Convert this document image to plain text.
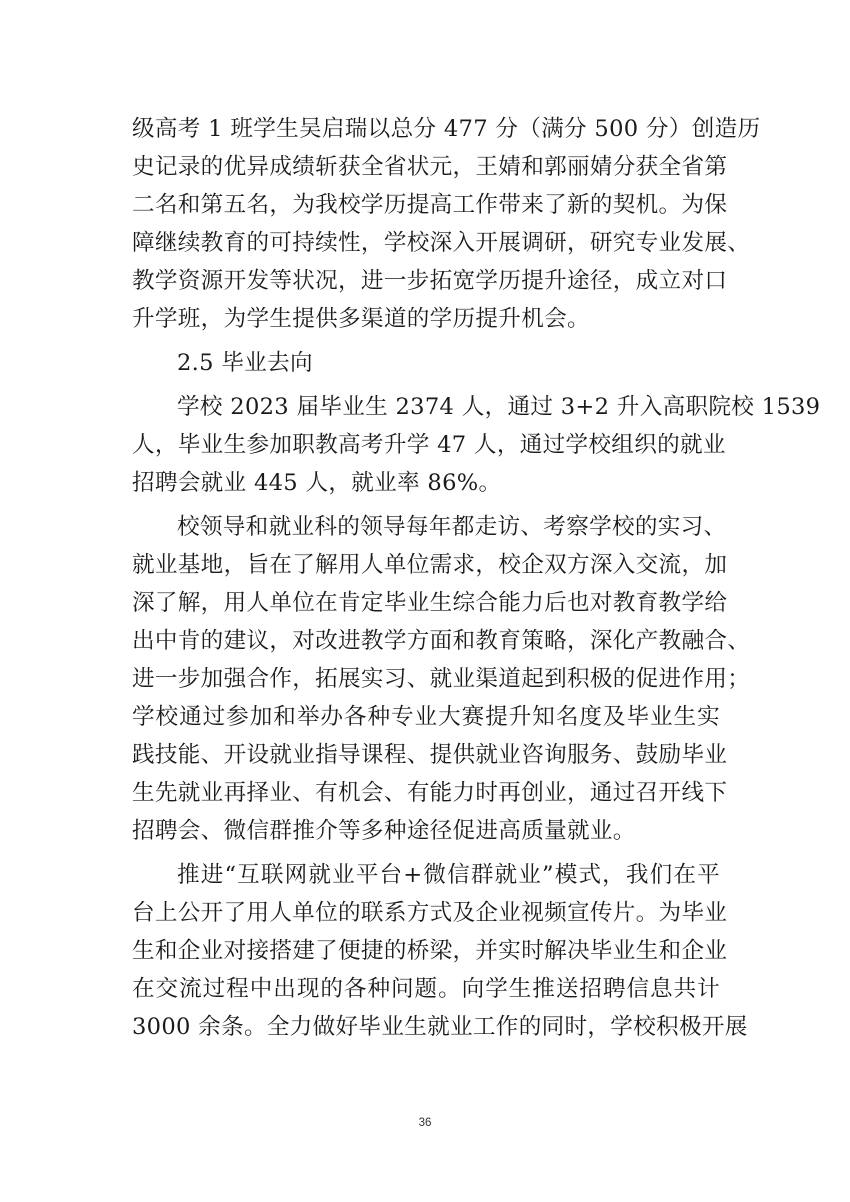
级高考 1 班学生吴启瑞以总分 477 分（满分 500 分）创造历
史记录的优异成绩斩获全省状元，王婧和郭丽婧分获全省第
二名和第五名，为我校学历提高工作带来了新的契机。为保
障继续教育的可持续性，学校深入开展调研，研究专业发展、
教学资源开发等状况，进一步拓宽学历提升途径，成立对口
升学班，为学生提供多渠道的学历提升机会。
2.5 毕业去向
学校 2023 届毕业生 2374 人，通过 3+2 升入高职院校 1539
人，毕业生参加职教高考升学 47 人，通过学校组织的就业
招聘会就业 445 人，就业率 86%。
校领导和就业科的领导每年都走访、考察学校的实习、
就业基地，旨在了解用人单位需求，校企双方深入交流，加
深了解，用人单位在肯定毕业生综合能力后也对教育教学给
出中肯的建议，对改进教学方面和教育策略，深化产教融合、
进一步加强合作，拓展实习、就业渠道起到积极的促进作用；
学校通过参加和举办各种专业大赛提升知名度及毕业生实
践技能、开设就业指导课程、提供就业咨询服务、鼓励毕业
生先就业再择业、有机会、有能力时再创业，通过召开线下
招聘会、微信群推介等多种途径促进高质量就业。
推进“互联网就业平台+微信群就业”模式，我们在平
台上公开了用人单位的联系方式及企业视频宣传片。为毕业
生和企业对接搭建了便捷的桥梁，并实时解决毕业生和企业
在交流过程中出现的各种问题。向学生推送招聘信息共计
3000 余条。全力做好毕业生就业工作的同时，学校积极开展
36
